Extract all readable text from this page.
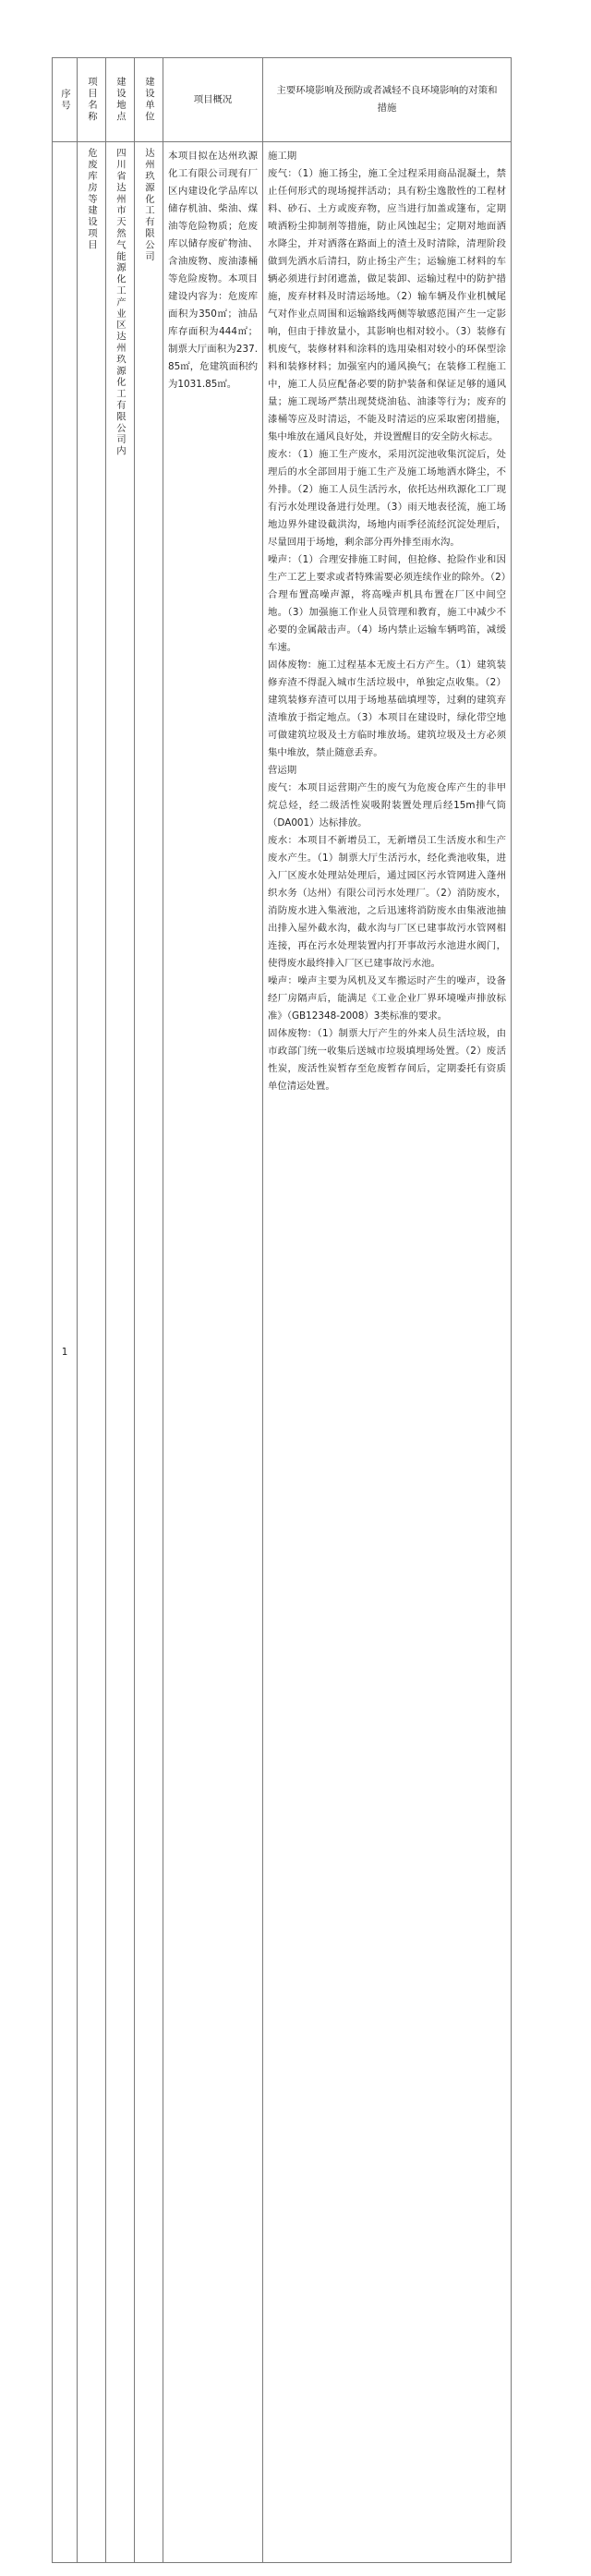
序号 项目名称 建设地点 建设单位	项目概况
主要环境影响及预防或者减轻不良环境影响的对策和措施
1
危废库房等建设项目 四川省达州市天然气能源化工产业区达州玖源化工有限公司内 达州玖源化工有限公司	本项目拟在达州玖源化工有限公司现有厂区内建设化学品库以储存机油、柴油、煤油等危险物质；危废库以储存废矿物油、含油废物、废油漆桶等危险废物。本项目建设内容为：危废库面积为350㎡；油品库存面积为444㎡；制票大厅面积为237.85㎡，危建筑面积约为1031.85㎡。
施工期
废气：（1）施工扬尘，施工全过程采用商品混凝土，禁止任何形式的现场搅拌活动；具有粉尘逸散性的工程材料、砂石、土方或废弃物，应当进行加盖或篷布，定期喷洒粉尘抑制剂等措施，防止风蚀起尘；定期对地面洒水降尘，并对洒落在路面上的渣土及时清除，清理阶段做到先洒水后清扫，防止扬尘产生；运输施工材料的车辆必须进行封闭遮盖，做足装卸、运输过程中的防护措施，废弃材料及时清运场地。（2）输车辆及作业机械尾气对作业点周围和运输路线两侧等敏感范围产生一定影响，但由于排放量小，其影响也相对较小。（3）装修有机废气，装修材料和涂料的选用染相对较小的环保型涂料和装修材料；加强室内的通风换气；在装修工程施工中，施工人员应配备必要的防护装备和保证足够的通风量；施工现场严禁出现焚烧油毡、油漆等行为；废弃的漆桶等应及时清运，不能及时清运的应采取密闭措施，集中堆放在通风良好处，并设置醒目的安全防火标志。
废水：（1）施工生产废水，采用沉淀池收集沉淀后，处理后的水全部回用于施工生产及施工场地洒水降尘，不外排。（2）施工人员生活污水，依托达州玖源化工厂现有污水处理设备进行处理。（3）雨天地表径流，施工场地边界外建设截洪沟，场地内雨季径流经沉淀处理后，尽量回用于场地，剩余部分再外排至雨水沟。
噪声：（1）合理安排施工时间，但抢修、抢险作业和因生产工艺上要求或者特殊需要必须连续作业的除外。（2）合理布置高噪声源，将高噪声机具布置在厂区中间空地。（3）加强施工作业人员管理和教育，施工中减少不必要的金属敲击声。（4）场内禁止运输车辆鸣笛，减缓车速。
固体废物：施工过程基本无废土石方产生。（1）建筑装修弃渣不得混入城市生活垃圾中，单独定点收集。（2）建筑装修弃渣可以用于场地基础填埋等，过剩的建筑弃渣堆放于指定地点。（3）本项目在建设时，绿化带空地可做建筑垃圾及土方临时堆放场。建筑垃圾及土方必须集中堆放，禁止随意丢弃。
营运期
废气：本项目运营期产生的废气为危废仓库产生的非甲烷总烃，经二级活性炭吸附装置处理后经15m排气筒（DA001）达标排放。
废水：本项目不新增员工，无新增员工生活废水和生产废水产生。（1）制票大厅生活污水，经化粪池收集，进入厂区废水处理站处理后，通过园区污水管网进入蓬州织水务（达州）有限公司污水处理厂。（2）消防废水，消防废水进入集液池，之后迅速将消防废水由集液池抽出排入屋外截水沟，截水沟与厂区已建事故污水管网相连接，再在污水处理装置内打开事故污水池进水阀门，使得废水最终排入厂区已建事故污水池。
噪声：噪声主要为风机及叉车搬运时产生的噪声，设备经厂房隔声后，能满足《工业企业厂界环境噪声排放标准》（GB12348-2008）3类标准的要求。
固体废物：（1）制票大厅产生的外来人员生活垃圾，由市政部门统一收集后送城市垃圾填埋场处置。（2）废活性炭，废活性炭暂存至危废暂存间后，定期委托有资质单位清运处置。
